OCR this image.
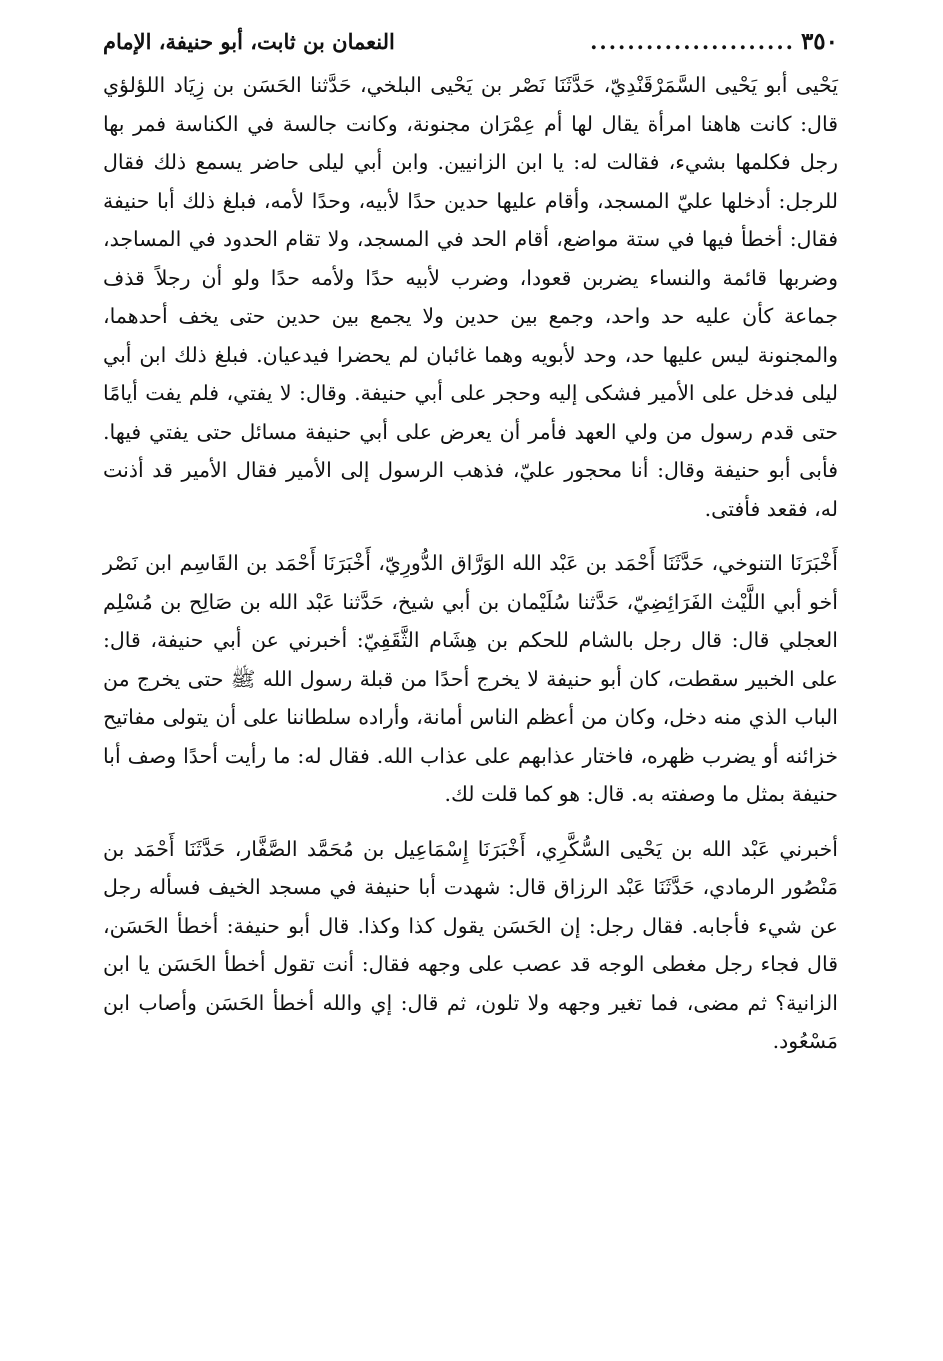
٣٥٠
......................
النعمان بن ثابت، أبو حنيفة، الإمام

يَحْيى أبو يَحْيى السَّمَرْقَنْدِيّ، حَدَّثَنَا نَصْر بن يَحْيى البلخي، حَدَّثنا الحَسَن بن زِيَاد اللؤلؤي قال: كانت هاهنا امرأة يقال لها أم عِمْرَان مجنونة، وكانت جالسة في الكناسة فمر بها رجل فكلمها بشيء، فقالت له: يا ابن الزانيين. وابن أبي ليلى حاضر يسمع ذلك فقال للرجل: أدخلها عليّ المسجد، وأقام عليها حدين حدًا لأبيه، وحدًا لأمه، فبلغ ذلك أبا حنيفة فقال: أخطأ فيها في ستة مواضع، أقام الحد في المسجد، ولا تقام الحدود في المساجد، وضربها قائمة والنساء يضربن قعودا، وضرب لأبيه حدًا ولأمه حدًا ولو أن رجلاً قذف جماعة كأن عليه حد واحد، وجمع بين حدين ولا يجمع بين حدين حتى يخف أحدهما، والمجنونة ليس عليها حد، وحد لأبويه وهما غائبان لم يحضرا فيدعيان. فبلغ ذلك ابن أبي ليلى فدخل على الأمير فشكى إليه وحجر على أبي حنيفة. وقال: لا يفتي، فلم يفت أيامًا حتى قدم رسول من ولي العهد فأمر أن يعرض على أبي حنيفة مسائل حتى يفتي فيها. فأبى أبو حنيفة وقال: أنا محجور عليّ، فذهب الرسول إلى الأمير فقال الأمير قد أذنت له، فقعد فأفتى.

أَخْبَرَنَا التنوخي، حَدَّثَنَا أَحْمَد بن عَبْد الله الوَرَّاق الدُّورِيّ، أَخْبَرَنَا أَحْمَد بن القَاسِم ابن نَصْر أخو أبي اللَّيْث الفَرَائِضِيّ، حَدَّثنا سُلَيْمان بن أبي شيخ، حَدَّثنا عَبْد الله بن صَالِح بن مُسْلِم العجلي قال: قال رجل بالشام للحكم بن هِشَام الثَّقَفِيّ: أخبرني عن أبي حنيفة، قال: على الخبير سقطت، كان أبو حنيفة لا يخرج أحدًا من قبلة رسول الله ﷺ حتى يخرج من الباب الذي منه دخل، وكان من أعظم الناس أمانة، وأراده سلطاننا على أن يتولى مفاتيح خزائنه أو يضرب ظهره، فاختار عذابهم على عذاب الله. فقال له: ما رأيت أحدًا وصف أبا حنيفة بمثل ما وصفته به. قال: هو كما قلت لك.

أخبرني عَبْد الله بن يَحْيى السُّكَّرِي، أَخْبَرَنَا إِسْمَاعِيل بن مُحَمَّد الصَّفَّار، حَدَّثَنَا أَحْمَد بن مَنْصُور الرمادي، حَدَّثَنَا عَبْد الرزاق قال: شهدت أبا حنيفة في مسجد الخيف فسأله رجل عن شيء فأجابه. فقال رجل: إن الحَسَن يقول كذا وكذا. قال أبو حنيفة: أخطأ الحَسَن، قال فجاء رجل مغطى الوجه قد عصب على وجهه فقال: أنت تقول أخطأ الحَسَن يا ابن الزانية؟ ثم مضى، فما تغير وجهه ولا تلون، ثم قال: إي والله أخطأ الحَسَن وأصاب ابن مَسْعُود.
